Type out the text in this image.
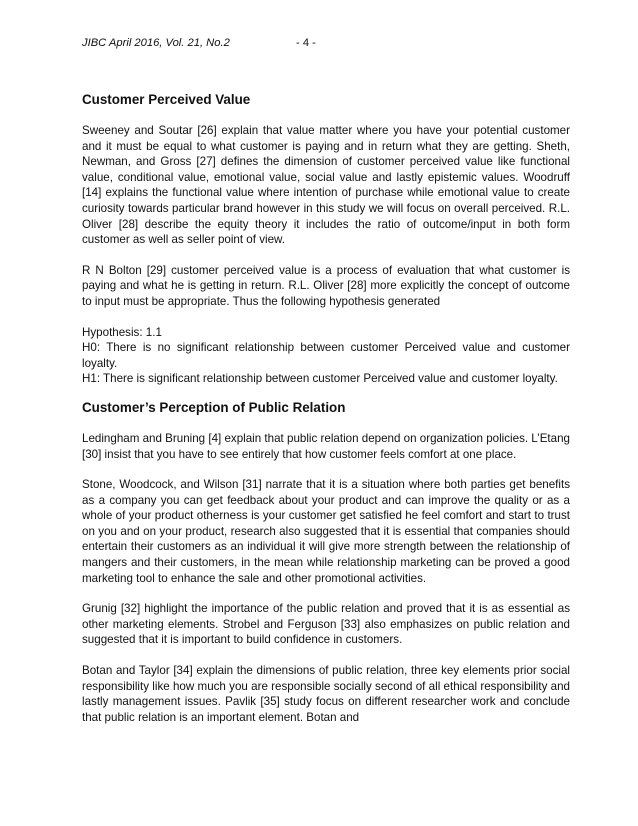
JIBC April 2016, Vol. 21, No.2	- 4 -
Customer Perceived Value

Sweeney and Soutar [26] explain that value matter where you have your potential customer and it must be equal to what customer is paying and in return what they are getting. Sheth, Newman, and Gross [27] defines the dimension of customer perceived value like functional value, conditional value, emotional value, social value and lastly epistemic values. Woodruff [14] explains the functional value where intention of purchase while emotional value to create curiosity towards particular brand however in this study we will focus on overall perceived. R.L. Oliver [28] describe the equity theory it includes the ratio of outcome/input in both form customer as well as seller point of view.

R N Bolton [29] customer perceived value is a process of evaluation that what customer is paying and what he is getting in return. R.L. Oliver [28] more explicitly the concept of outcome to input must be appropriate. Thus the following hypothesis generated

Hypothesis: 1.1

H0: There is no significant relationship between customer Perceived value and customer loyalty.

H1: There is significant relationship between customer Perceived value and customer loyalty.

Customer’s Perception of Public Relation

Ledingham and Bruning [4] explain that public relation depend on organization policies. L’Etang [30] insist that you have to see entirely that how customer feels comfort at one place.

Stone, Woodcock, and Wilson [31] narrate that it is a situation where both parties get benefits as a company you can get feedback about your product and can improve the quality or as a whole of your product otherness is your customer get satisfied he feel comfort and start to trust on you and on your product, research also suggested that it is essential that companies should entertain their customers as an individual it will give more strength between the relationship of mangers and their customers, in the mean while relationship marketing can be proved a good marketing tool to enhance the sale and other promotional activities.

Grunig [32] highlight the importance of the public relation and proved that it is as essential as other marketing elements. Strobel and Ferguson [33] also emphasizes on public relation and suggested that it is important to build confidence in customers.

Botan and Taylor [34] explain the dimensions of public relation, three key elements prior social responsibility like how much you are responsible socially second of all ethical responsibility and lastly management issues. Pavlik [35] study focus on different researcher work and conclude that public relation is an important element. Botan and
